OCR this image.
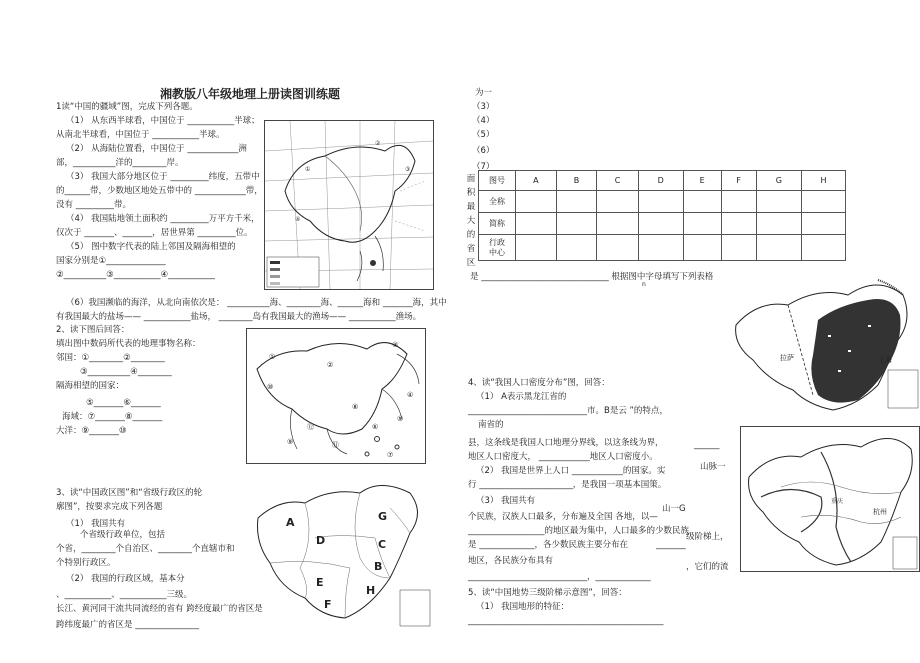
湘教版八年级地理上册读图训练题
1读“中国的疆域”图，完成下列各题。
（1） 从东西半球看，中国位于 ___________半球；
从南北半球看，中国位于 ___________半球。
（2） 从海陆位置看，中国位于 ____________洲
部，__________洋的________岸。
（3） 我国大部分地区位于 _________纬度，五带中
的______带，少数地区地处五带中的 ____________带，
没有 _________带。
（4） 我国陆地领土面积约 _________万平方千米，
仅次于 _______、_______，居世界第 _________位。
（5） 图中数字代表的陆上邻国及隔海相望的
国家分别是①______________
②__________③___________④___________
（6）我国濒临的海洋，从北向南依次是： __________海、________海、______海和 _______海，其中
有我国最大的盐场—— ___________盐场， ________岛有我国最大的渔场—— ___________渔场。
①
②
③
④
2、读下图后回答：
填出图中数码所代表的地理事物名称：
邻国：①________②________
③__________④________
隔海相望的国家：
⑤_______⑥_______
海域：⑦_______⑧_______
大洋：⑨_______⑩
①
②
③
④
⑤
⑥
⑦
⑧
⑨
⑩
⑪
⑫
3、读“中国政区图”和“省级行政区的轮
廓图”，按要求完成下列各题
（1） 我国共有
个省级行政单位，包括
个省，________个自治区、________个直辖市和
个特别行政区。
（2） 我国的行政区域，基本分
、___________、___________三级。
长江、黄河同干流共同流经的省有 跨经度最广的省区是
跨纬度最广的省区是 _______________
A
D
E
G
C
B
F
H
为一
（3）
（4）
（5）
（6）
（7）
面
积
最
大
的
省
区
图号	A	B	C	D	E	F	G	H
全称								
简称								
行政
中心								
是 ______________________________ 根据图中字母填写下列表格
n
上海
拉萨
4、读“我国人口密度分布”图，回答：
（1） A表示黑龙江省的
____________________________市。B是云 ”的特点，
南省的
县，这条线是我国人口地理分界线，以这条线为界，
地区人口密度大， ____________地区人口密度小。
（2） 我国是世界上人口 ____________的国家。实
行 ______________________，是我国一项基本国策。
（3） 我国共有
个民族，汉族人口最多，分布遍及全国 各地，以—
__________________的地区最为集中，人口最多的少数民族
是 _____________，各少数民族主要分布在
地区，各民族分布具有
____________________________，_____________
5、读“中国地势三级阶梯示意图”，回答：
（1） 我国地形的特征：
______________________________________________
______
山脉一
山一G
级阶梯上，
_______
，它们的流
重庆
杭州
